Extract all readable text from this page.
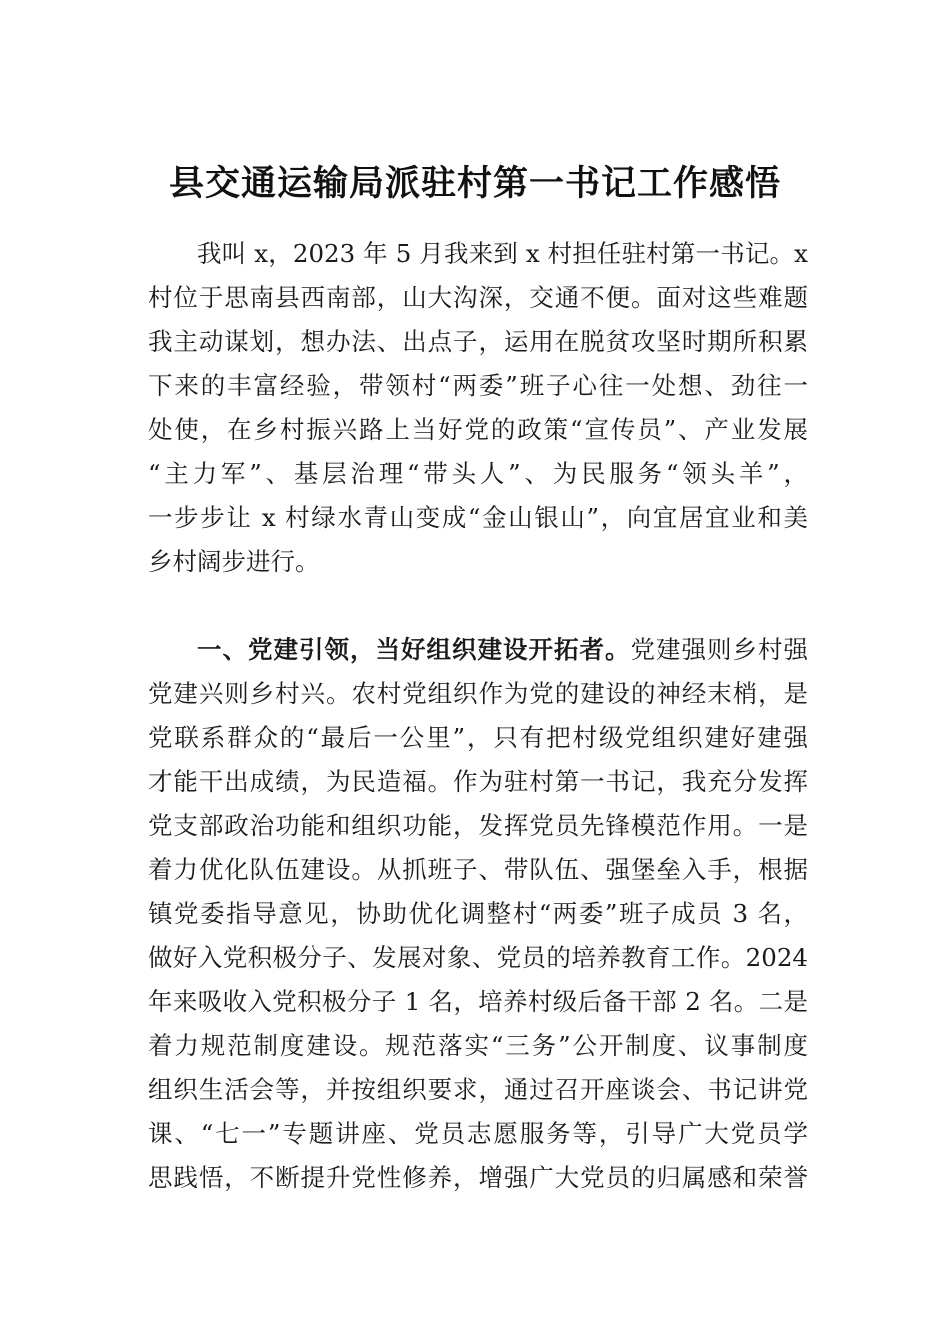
县交通运输局派驻村第一书记工作感悟
我叫 x，2023 年 5 月我来到 x 村担任驻村第一书记。x
村位于思南县西南部，山大沟深，交通不便。面对这些难题
我主动谋划，想办法、出点子，运用在脱贫攻坚时期所积累
下来的丰富经验，带领村“两委”班子心往一处想、劲往一
处使，在乡村振兴路上当好党的政策“宣传员”、产业发展
“主力军”、基层治理“带头人”、为民服务“领头羊”，
一步步让 x 村绿水青山变成“金山银山”，向宜居宜业和美
乡村阔步进行。
一、党建引领，当好组织建设开拓者。党建强则乡村强
党建兴则乡村兴。农村党组织作为党的建设的神经末梢，是
党联系群众的“最后一公里”，只有把村级党组织建好建强
才能干出成绩，为民造福。作为驻村第一书记，我充分发挥
党支部政治功能和组织功能，发挥党员先锋模范作用。一是
着力优化队伍建设。从抓班子、带队伍、强堡垒入手，根据
镇党委指导意见，协助优化调整村“两委”班子成员 3 名，
做好入党积极分子、发展对象、党员的培养教育工作。2024
年来吸收入党积极分子 1 名，培养村级后备干部 2 名。二是
着力规范制度建设。规范落实“三务”公开制度、议事制度
组织生活会等，并按组织要求，通过召开座谈会、书记讲党
课、“七一”专题讲座、党员志愿服务等，引导广大党员学
思践悟，不断提升党性修养，增强广大党员的归属感和荣誉
